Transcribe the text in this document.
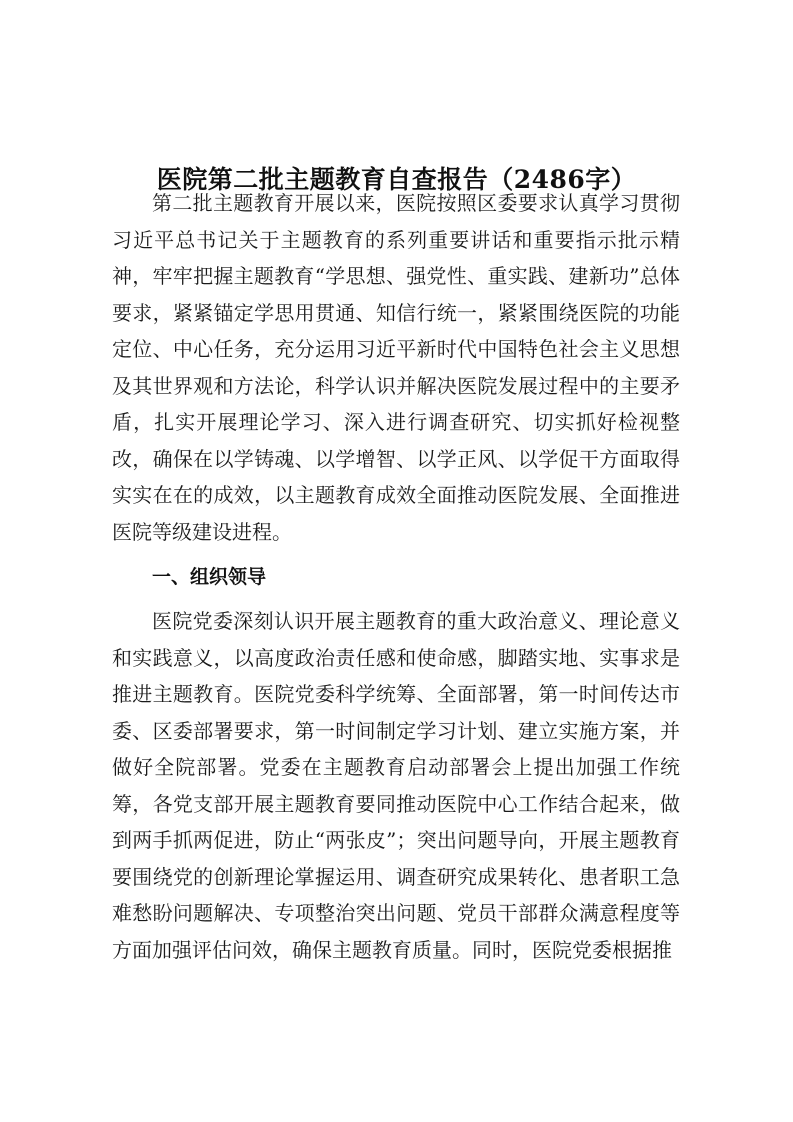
医院第二批主题教育自查报告（2486字）

第二批主题教育开展以来，医院按照区委要求认真学习贯彻习近平总书记关于主题教育的系列重要讲话和重要指示批示精神，牢牢把握主题教育“学思想、强党性、重实践、建新功”总体要求，紧紧锚定学思用贯通、知信行统一，紧紧围绕医院的功能定位、中心任务，充分运用习近平新时代中国特色社会主义思想及其世界观和方法论，科学认识并解决医院发展过程中的主要矛盾，扎实开展理论学习、深入进行调查研究、切实抓好检视整改，确保在以学铸魂、以学增智、以学正风、以学促干方面取得实实在在的成效，以主题教育成效全面推动医院发展、全面推进医院等级建设进程。

一、组织领导

医院党委深刻认识开展主题教育的重大政治意义、理论意义和实践意义，以高度政治责任感和使命感，脚踏实地、实事求是推进主题教育。医院党委科学统筹、全面部署，第一时间传达市委、区委部署要求，第一时间制定学习计划、建立实施方案，并做好全院部署。党委在主题教育启动部署会上提出加强工作统筹，各党支部开展主题教育要同推动医院中心工作结合起来，做到两手抓两促进，防止“两张皮”；突出问题导向，开展主题教育要围绕党的创新理论掌握运用、调查研究成果转化、患者职工急难愁盼问题解决、专项整治突出问题、党员干部群众满意程度等方面加强评估问效，确保主题教育质量。同时，医院党委根据推
